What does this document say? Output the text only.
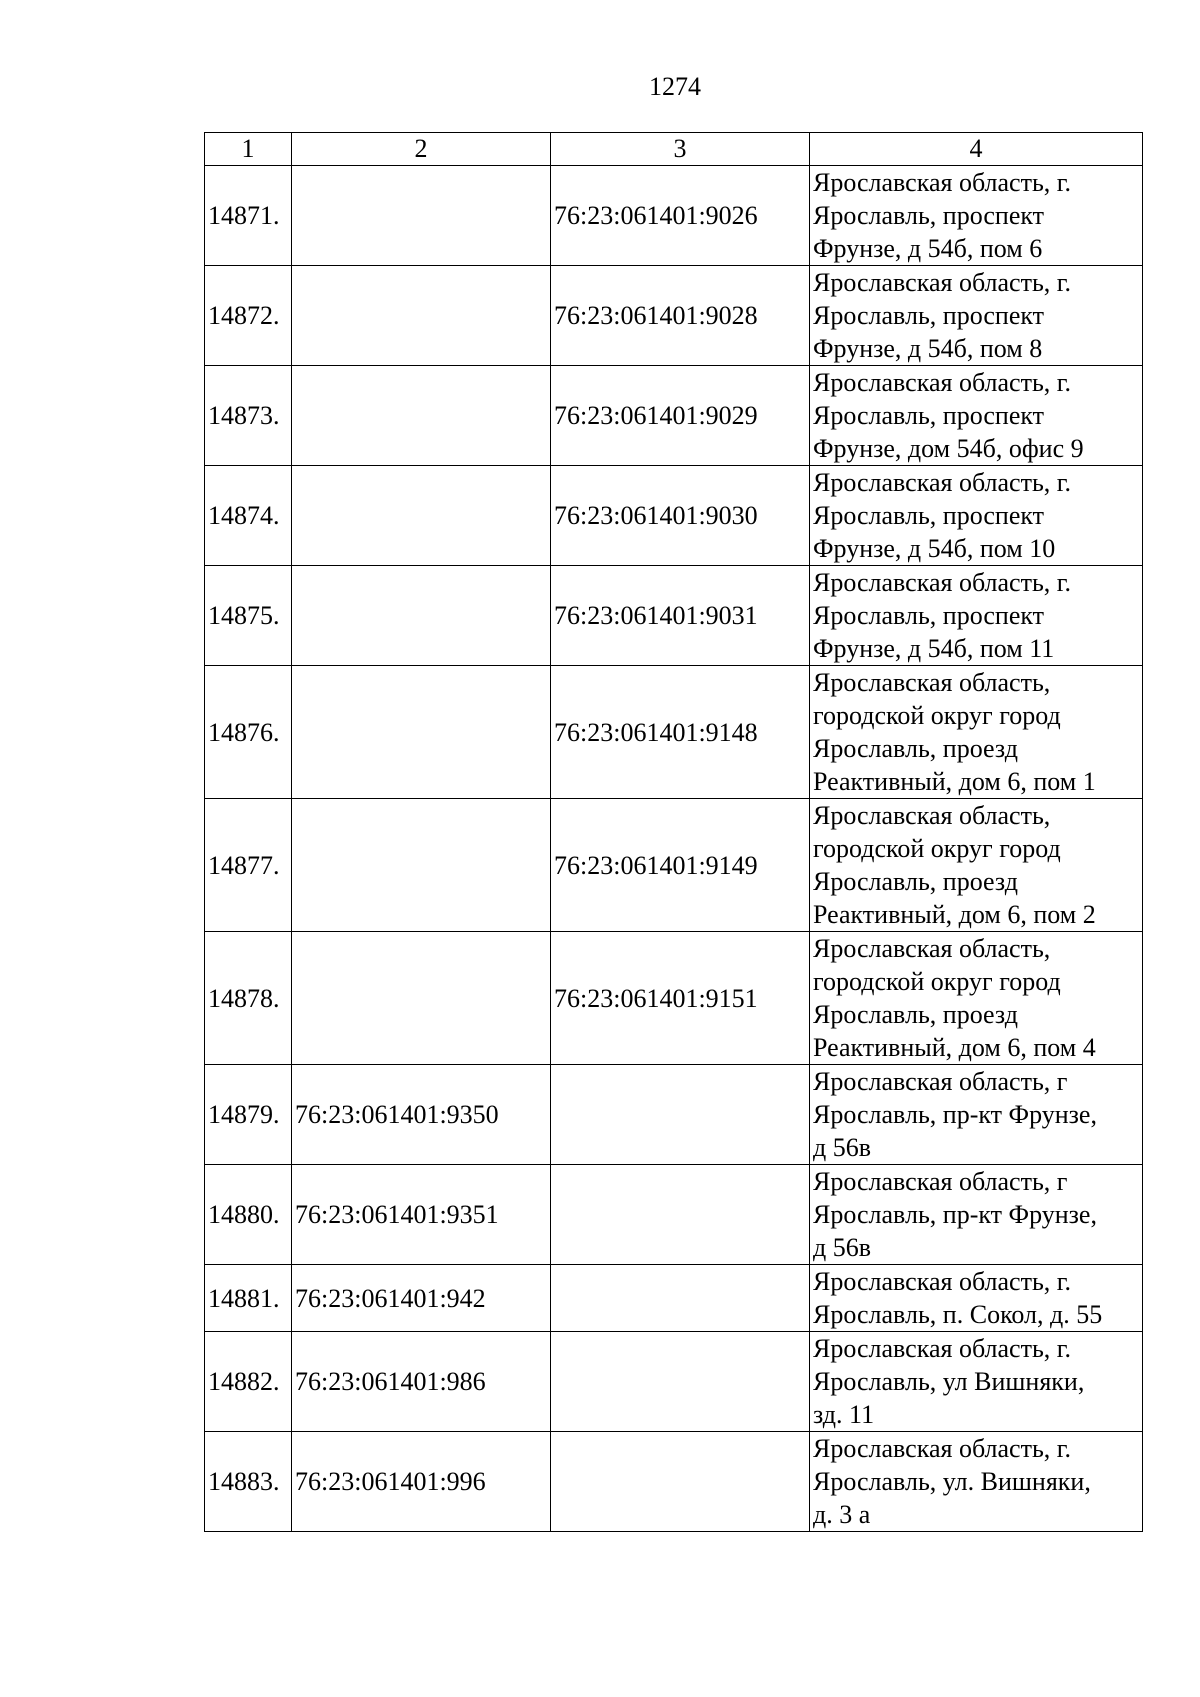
1274
1	2	3	4
14871.		76:23:061401:9026	Ярославская область, г.
Ярославль, проспект
Фрунзе, д 54б, пом 6
14872.		76:23:061401:9028	Ярославская область, г.
Ярославль, проспект
Фрунзе, д 54б, пом 8
14873.		76:23:061401:9029	Ярославская область, г.
Ярославль, проспект
Фрунзе, дом 54б, офис 9
14874.		76:23:061401:9030	Ярославская область, г.
Ярославль, проспект
Фрунзе, д 54б, пом 10
14875.		76:23:061401:9031	Ярославская область, г.
Ярославль, проспект
Фрунзе, д 54б, пом 11
14876.		76:23:061401:9148	Ярославская область,
городской округ город
Ярославль, проезд
Реактивный, дом 6, пом 1
14877.		76:23:061401:9149	Ярославская область,
городской округ город
Ярославль, проезд
Реактивный, дом 6, пом 2
14878.		76:23:061401:9151	Ярославская область,
городской округ город
Ярославль, проезд
Реактивный, дом 6, пом 4
14879.	76:23:061401:9350		Ярославская область, г
Ярославль, пр-кт Фрунзе,
д 56в
14880.	76:23:061401:9351		Ярославская область, г
Ярославль, пр-кт Фрунзе,
д 56в
14881.	76:23:061401:942		Ярославская область, г.
Ярославль, п. Сокол, д. 55
14882.	76:23:061401:986		Ярославская область, г.
Ярославль, ул Вишняки,
зд. 11
14883.	76:23:061401:996		Ярославская область, г.
Ярославль, ул. Вишняки,
д. 3 а
